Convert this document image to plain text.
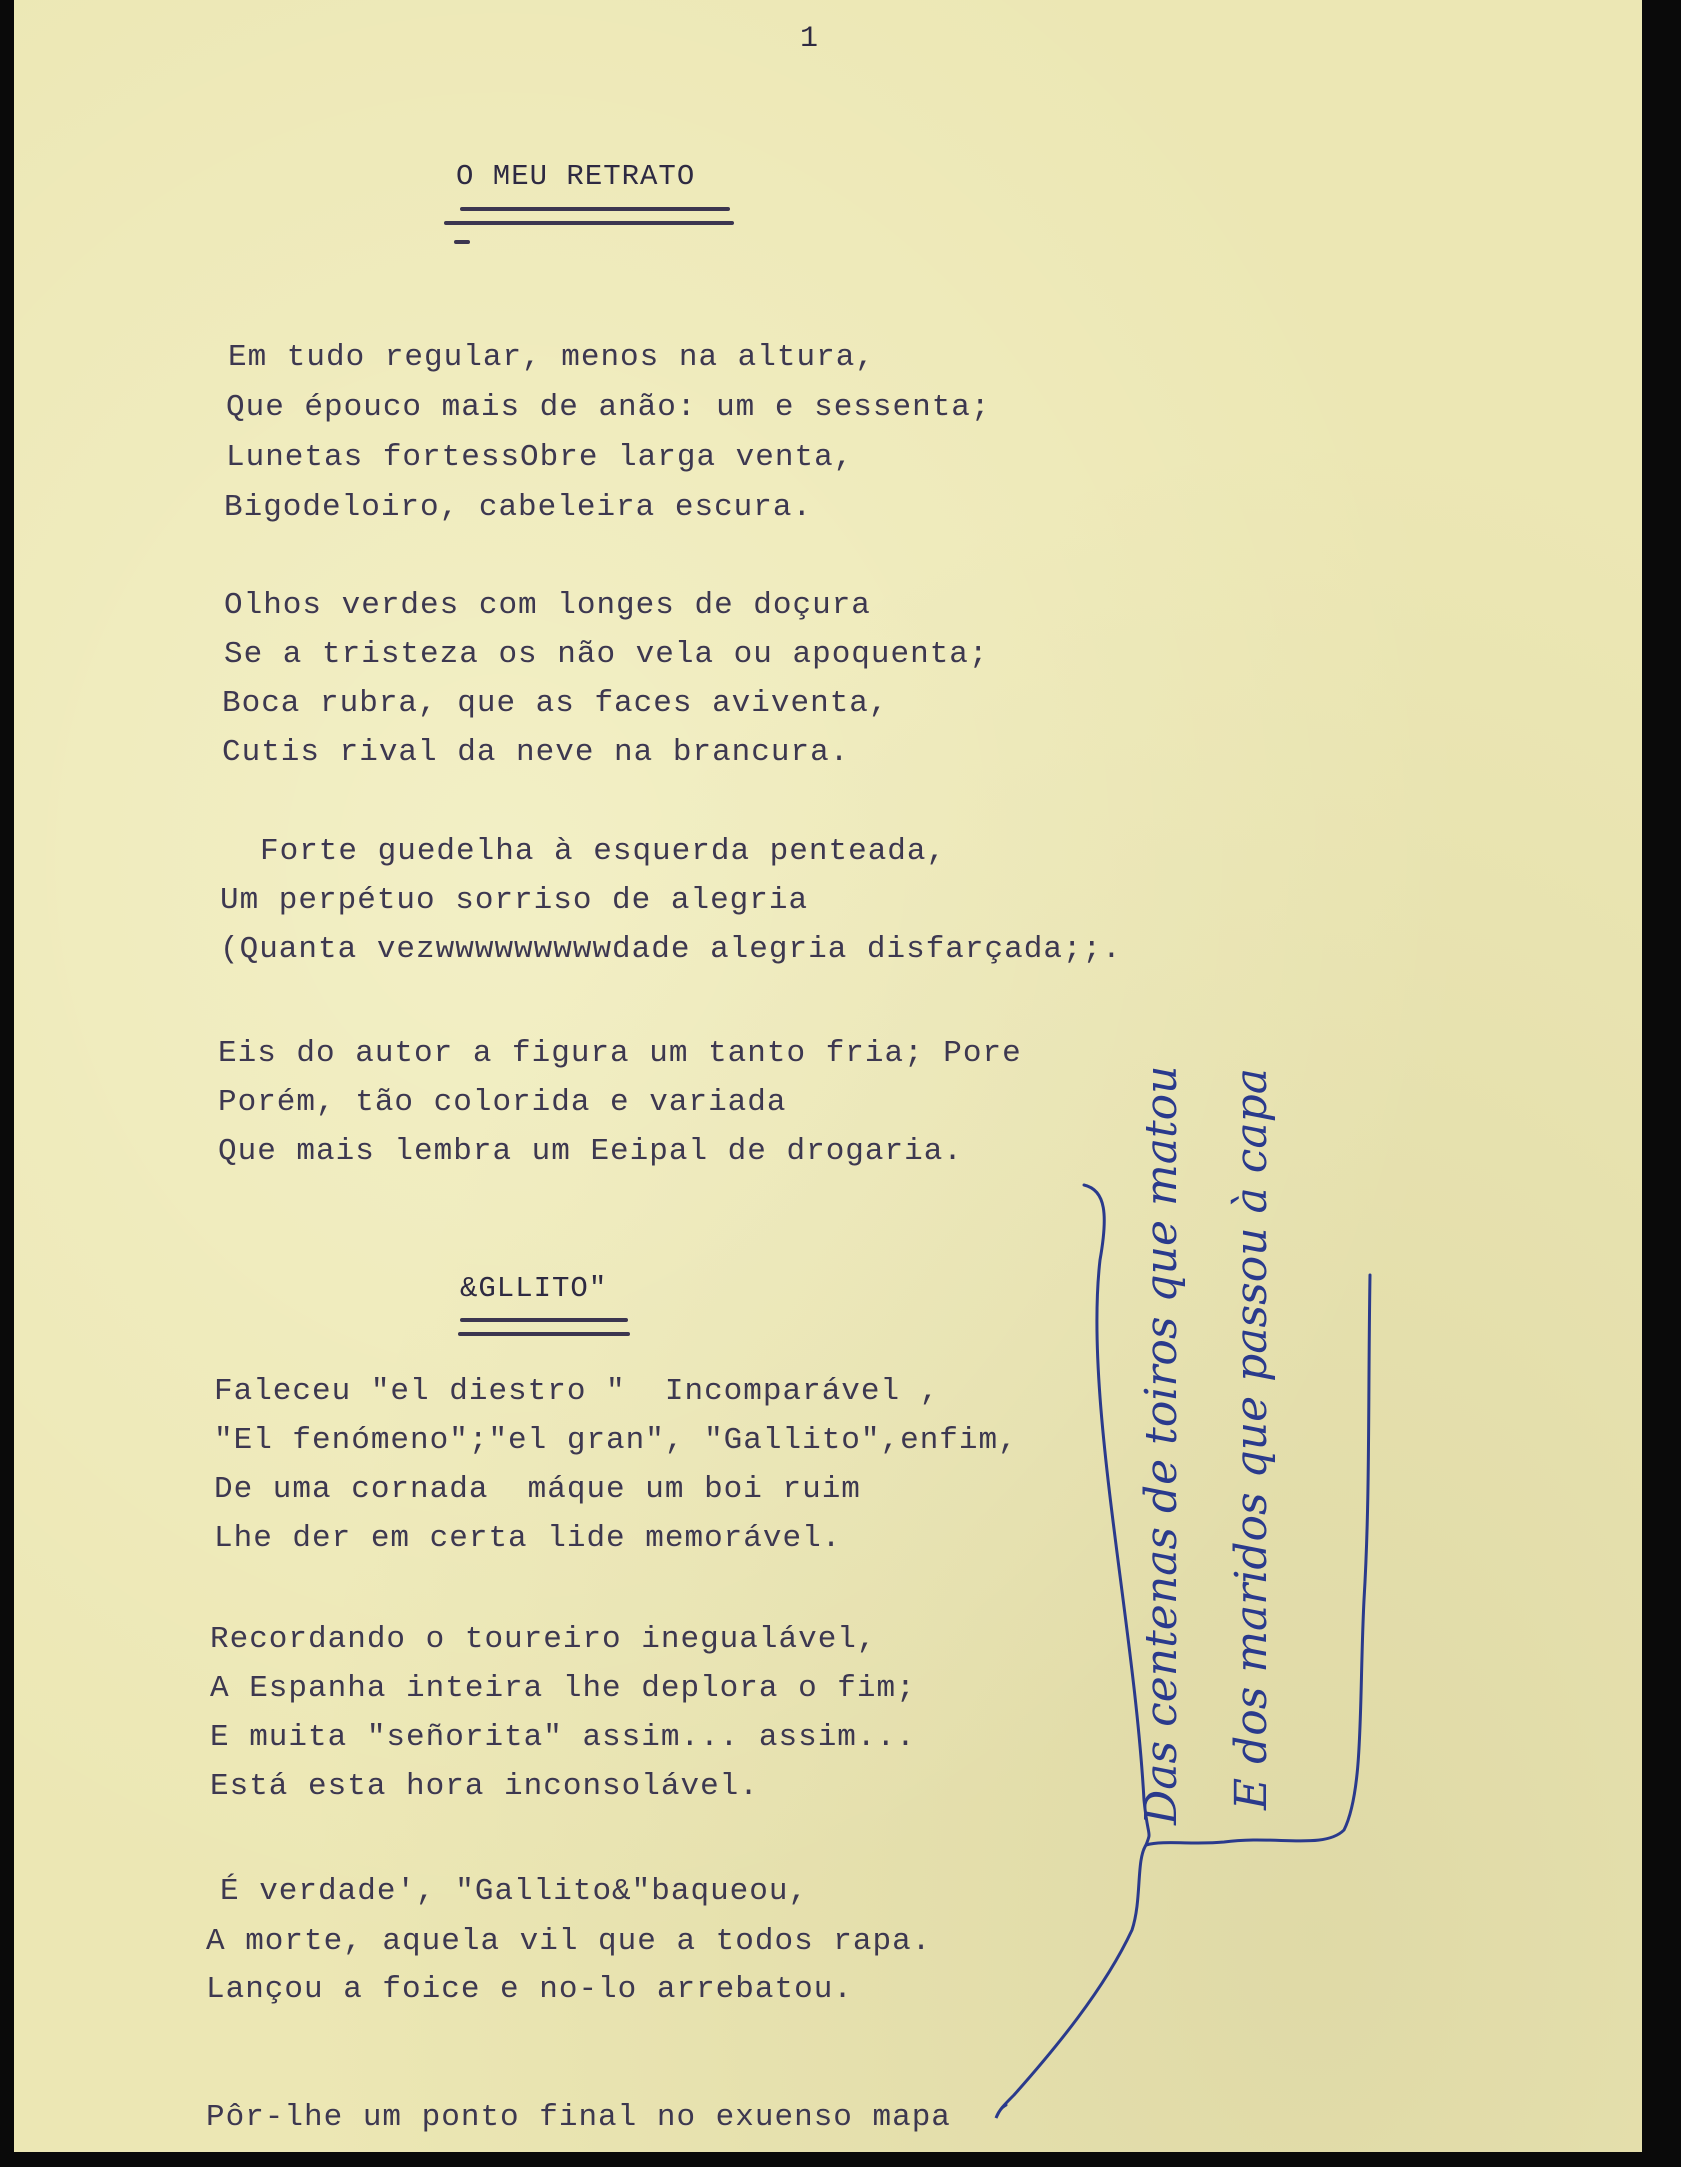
1
O MEU RETRATO
Em tudo regular, menos na altura,
Que épouco mais de anão: um e sessenta;
Lunetas fortessObre larga venta,
Bigodeloiro, cabeleira escura.
Olhos verdes com longes de doçura
Se a tristeza os não vela ou apoquenta;
Boca rubra, que as faces aviventa,
Cutis rival da neve na brancura.
Forte guedelha à esquerda penteada,
Um perpétuo sorriso de alegria
(Quanta vezwwwwwwwwwdade alegria disfarçada;;.
Eis do autor a figura um tanto fria; Pore
Porém, tão colorida e variada
Que mais lembra um Eeipal de drogaria.
&GLLITO"
Faleceu "el diestro "  Incomparável ,
"El fenómeno";"el gran", "Gallito",enfim,
De uma cornada  máque um boi ruim
Lhe der em certa lide memorável.
Recordando o toureiro inegualável,
A Espanha inteira lhe deplora o fim;
E muita "señorita" assim... assim...
Está esta hora inconsolável.
É verdade', "Gallito&"baqueou,
A morte, aquela vil que a todos rapa.
Lançou a foice e no-lo arrebatou.
Pôr-lhe um ponto final no exuenso mapa
Das centenas de toiros que matou E dos maridos que passou à capa
